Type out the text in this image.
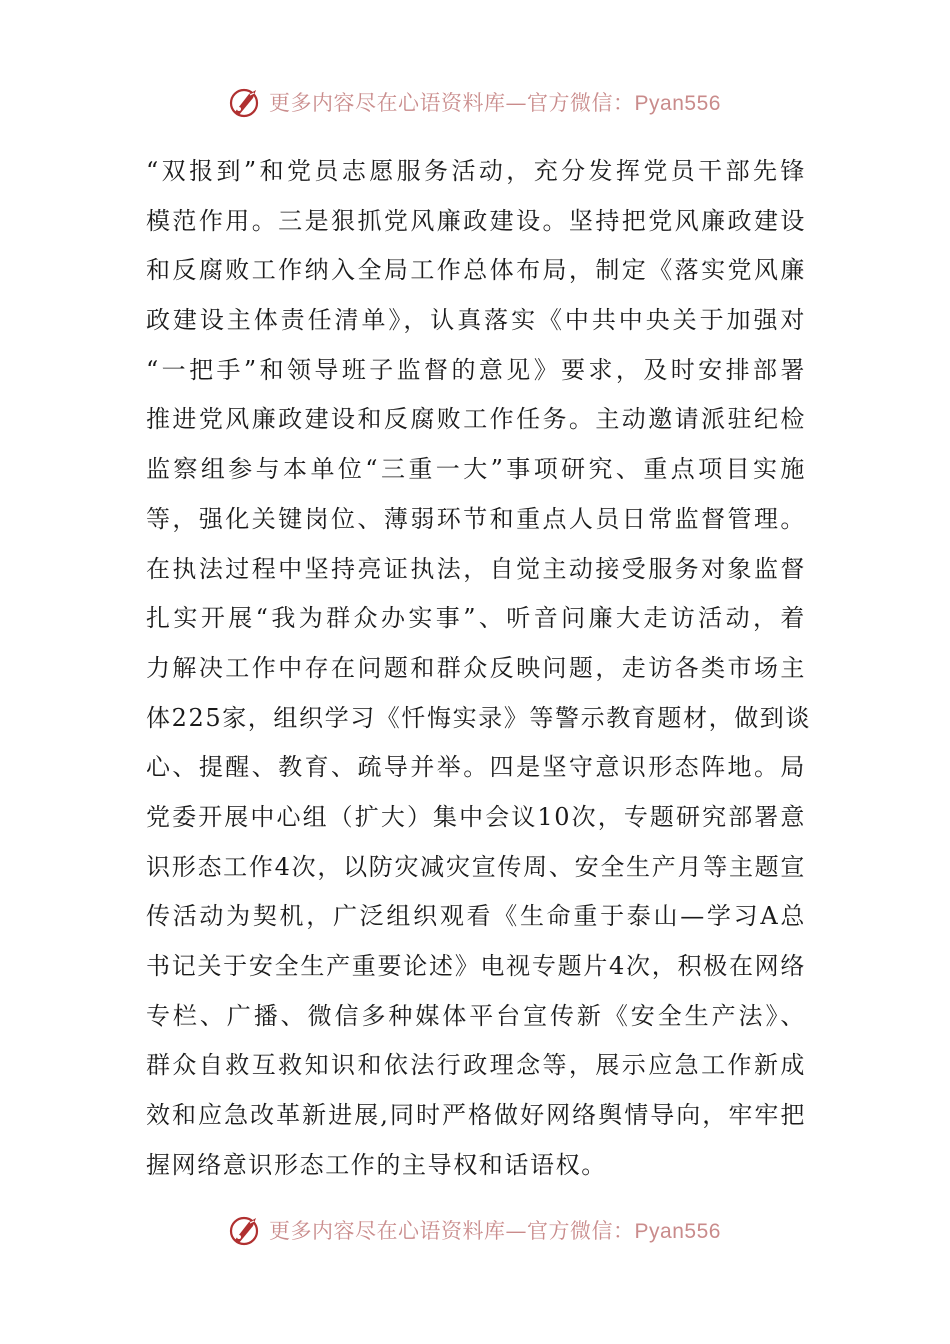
更多内容尽在心语资料库—官方微信：Pyan556
“双报到”和党员志愿服务活动，充分发挥党员干部先锋
模范作用。三是狠抓党风廉政建设。坚持把党风廉政建设
和反腐败工作纳入全局工作总体布局，制定《落实党风廉
政建设主体责任清单》，认真落实《中共中央关于加强对
“一把手”和领导班子监督的意见》要求，及时安排部署
推进党风廉政建设和反腐败工作任务。主动邀请派驻纪检
监察组参与本单位“三重一大”事项研究、重点项目实施
等，强化关键岗位、薄弱环节和重点人员日常监督管理。
在执法过程中坚持亮证执法，自觉主动接受服务对象监督
扎实开展“我为群众办实事”、听音问廉大走访活动，着
力解决工作中存在问题和群众反映问题，走访各类市场主
体225家，组织学习《忏悔实录》等警示教育题材，做到谈
心、提醒、教育、疏导并举。四是坚守意识形态阵地。局
党委开展中心组（扩大）集中会议10次，专题研究部署意
识形态工作4次，以防灾减灾宣传周、安全生产月等主题宣
传活动为契机，广泛组织观看《生命重于泰山—学习A总
书记关于安全生产重要论述》电视专题片4次，积极在网络
专栏、广播、微信多种媒体平台宣传新《安全生产法》、
群众自救互救知识和依法行政理念等，展示应急工作新成
效和应急改革新进展,同时严格做好网络舆情导向，牢牢把
握网络意识形态工作的主导权和话语权。
更多内容尽在心语资料库—官方微信：Pyan556
